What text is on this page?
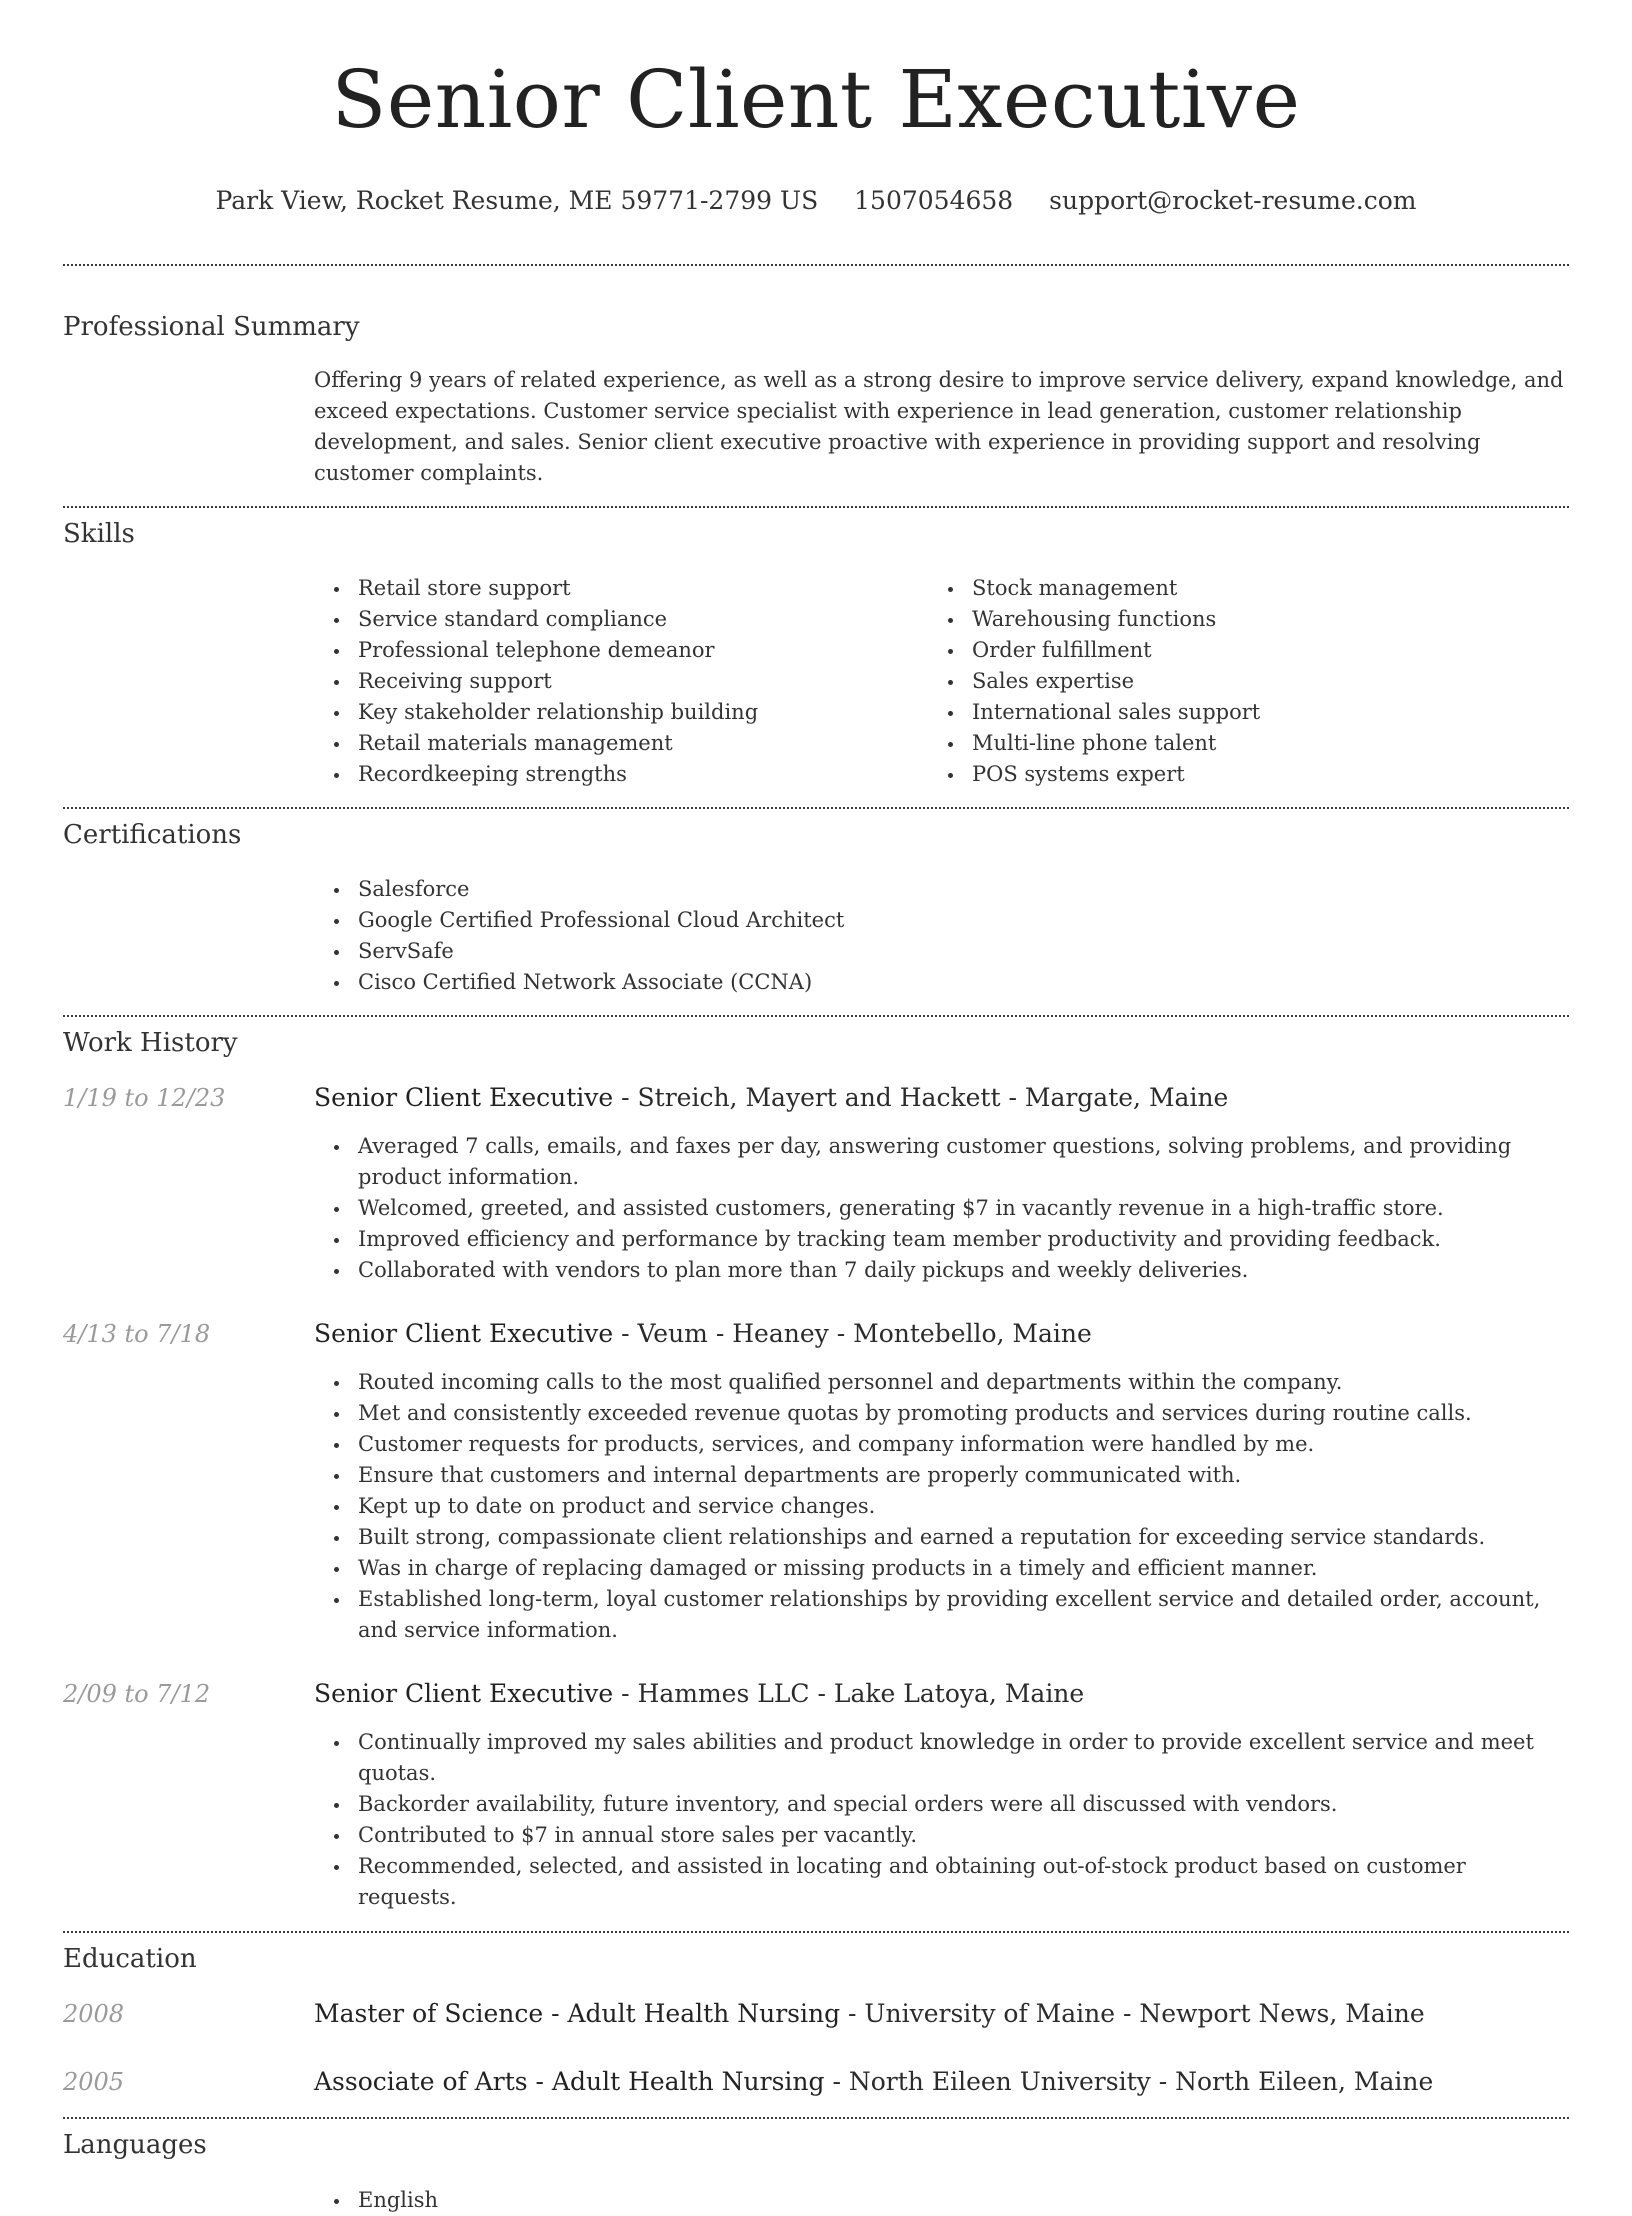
Senior Client Executive
Park View, Rocket Resume, ME 59771-2799 US 1507054658 support@rocket-resume.com
Professional Summary

Offering 9 years of related experience, as well as a strong desire to improve service delivery, expand knowledge, and exceed expectations. Customer service specialist with experience in lead generation, customer relationship development, and sales. Senior client executive proactive with experience in providing support and resolving customer complaints.

Skills
Retail store support
Service standard compliance
Professional telephone demeanor
Receiving support
Key stakeholder relationship building
Retail materials management
Recordkeeping strengths
Stock management
Warehousing functions
Order fulfillment
Sales expertise
International sales support
Multi-line phone talent
POS systems expert
Certifications
Salesforce
Google Certified Professional Cloud Architect
ServSafe
Cisco Certified Network Associate (CCNA)
Work History
1/19 to 12/23	Senior Client Executive - Streich, Mayert and Hackett - Margate, Maine
Averaged 7 calls, emails, and faxes per day, answering customer questions, solving problems, and providing product information.
Welcomed, greeted, and assisted customers, generating $7 in vacantly revenue in a high-traffic store.
Improved efficiency and performance by tracking team member productivity and providing feedback.
Collaborated with vendors to plan more than 7 daily pickups and weekly deliveries.
4/13 to 7/18	Senior Client Executive - Veum - Heaney - Montebello, Maine
Routed incoming calls to the most qualified personnel and departments within the company.
Met and consistently exceeded revenue quotas by promoting products and services during routine calls.
Customer requests for products, services, and company information were handled by me.
Ensure that customers and internal departments are properly communicated with.
Kept up to date on product and service changes.
Built strong, compassionate client relationships and earned a reputation for exceeding service standards.
Was in charge of replacing damaged or missing products in a timely and efficient manner.
Established long-term, loyal customer relationships by providing excellent service and detailed order, account, and service information.
2/09 to 7/12	Senior Client Executive - Hammes LLC - Lake Latoya, Maine
Continually improved my sales abilities and product knowledge in order to provide excellent service and meet quotas.
Backorder availability, future inventory, and special orders were all discussed with vendors.
Contributed to $7 in annual store sales per vacantly.
Recommended, selected, and assisted in locating and obtaining out-of-stock product based on customer requests.
Education
2008	Master of Science - Adult Health Nursing - University of Maine - Newport News, Maine
2005	Associate of Arts - Adult Health Nursing - North Eileen University - North Eileen, Maine
Languages
English
